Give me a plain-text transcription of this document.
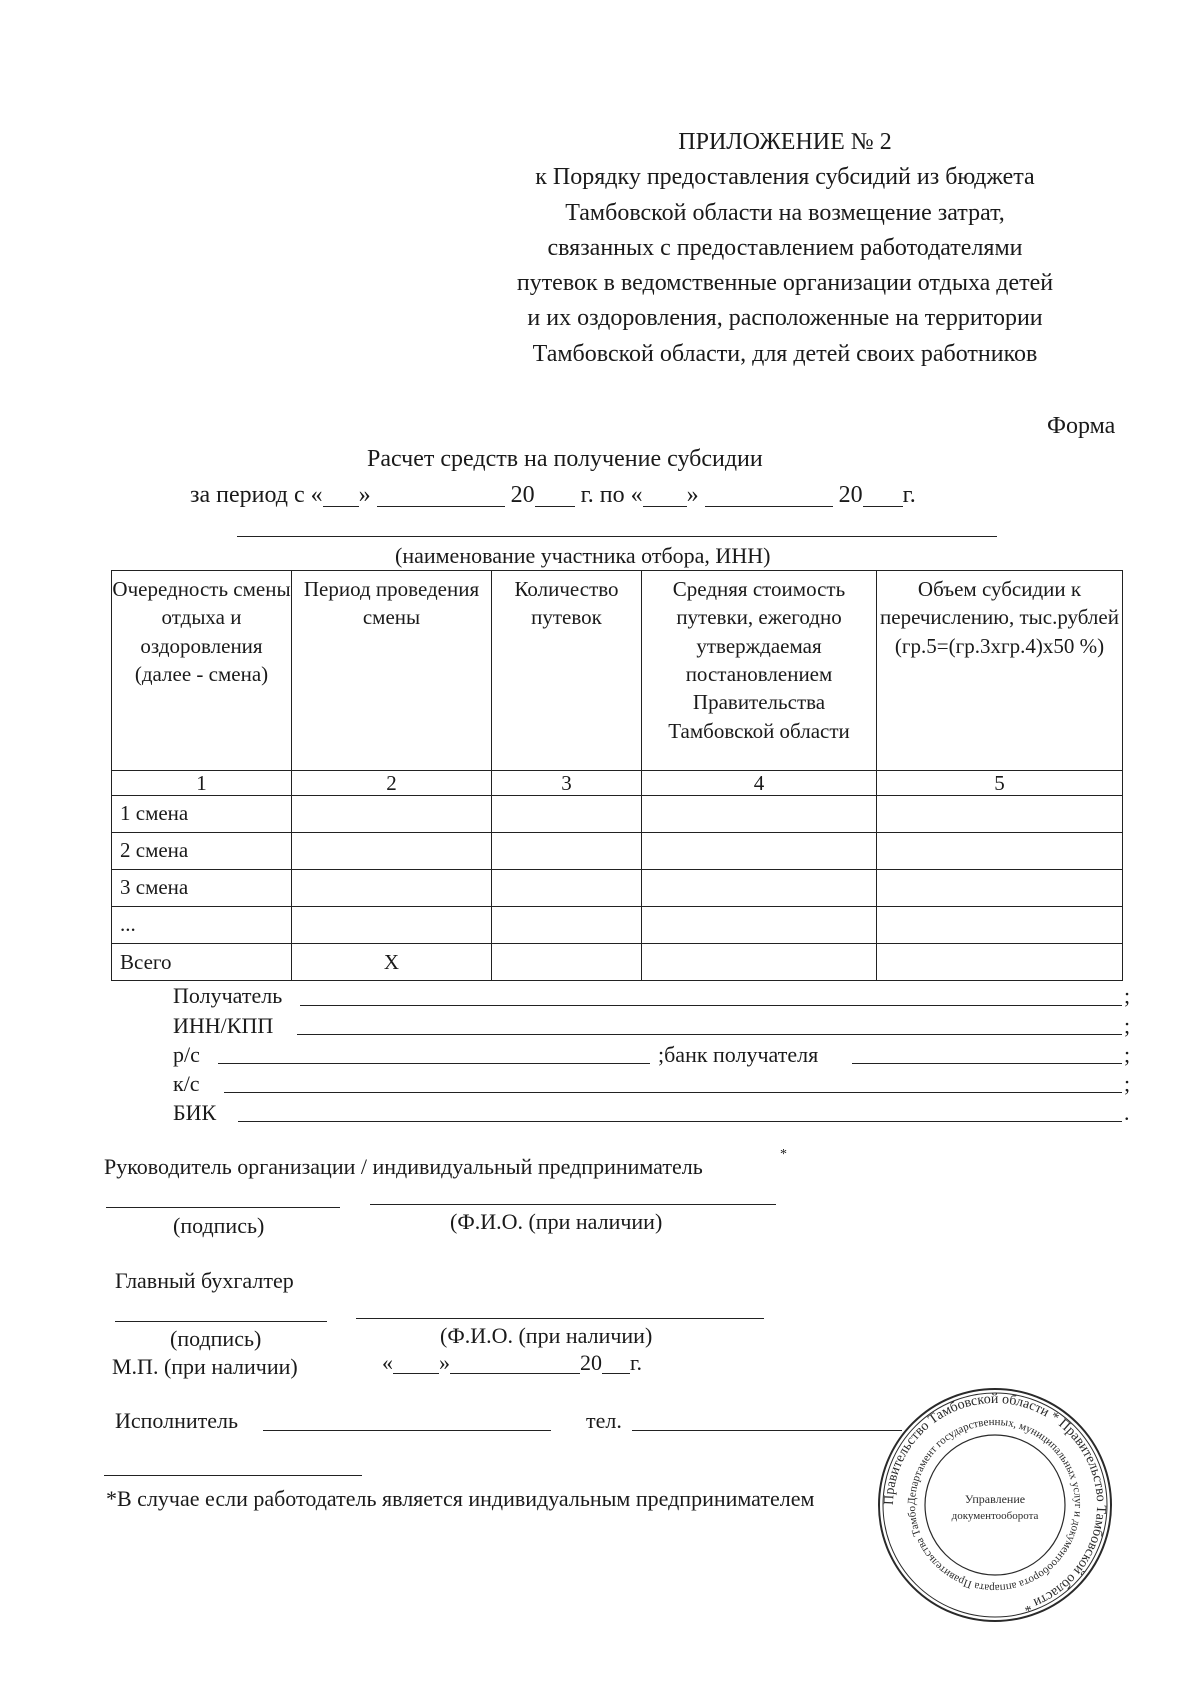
ПРИЛОЖЕНИЕ № 2
к Порядку предоставления субсидий из бюджета
Тамбовской области на возмещение затрат,
связанных с предоставлением работодателями
путевок в ведомственные организации отдыха детей
и их оздоровления, расположенные на территории
Тамбовской области, для детей своих работников
Форма
Расчет средств на получение субсидии
за период с « »	20 г. по « »	20 г.
(наименование участника отбора, ИНН)
Очередность смены отдыха и оздоровления (далее - смена)	Период проведения смены	Количество путевок	Средняя стоимость путевки, ежегодно утверждаемая постановлением Правительства Тамбовской области	Объем субсидии к перечислению, тыс.рублей (гр.5=(гр.3хгр.4)х50 %)
1	2	3	4	5
1 смена				
2 смена				
3 смена				
...				
Всего	X			
Получатель	;
ИНН/КПП	;
р/с	;банк получателя	;
к/с	;
БИК	.
Руководитель организации / индивидуальный предприниматель	*
(подпись)	(Ф.И.О. (при наличии)
Главный бухгалтер
(подпись)	(Ф.И.О. (при наличии)
М.П. (при наличии)	« »	20 г.
Исполнитель	тел.
*В случае если работодатель является индивидуальным предпринимателем	Правительство Тамбовской области * Правительство Тамбовской области *
Департамент государственных, муниципальных услуг и документооборота аппарата Правительства Тамбо
Управление
документооборота
